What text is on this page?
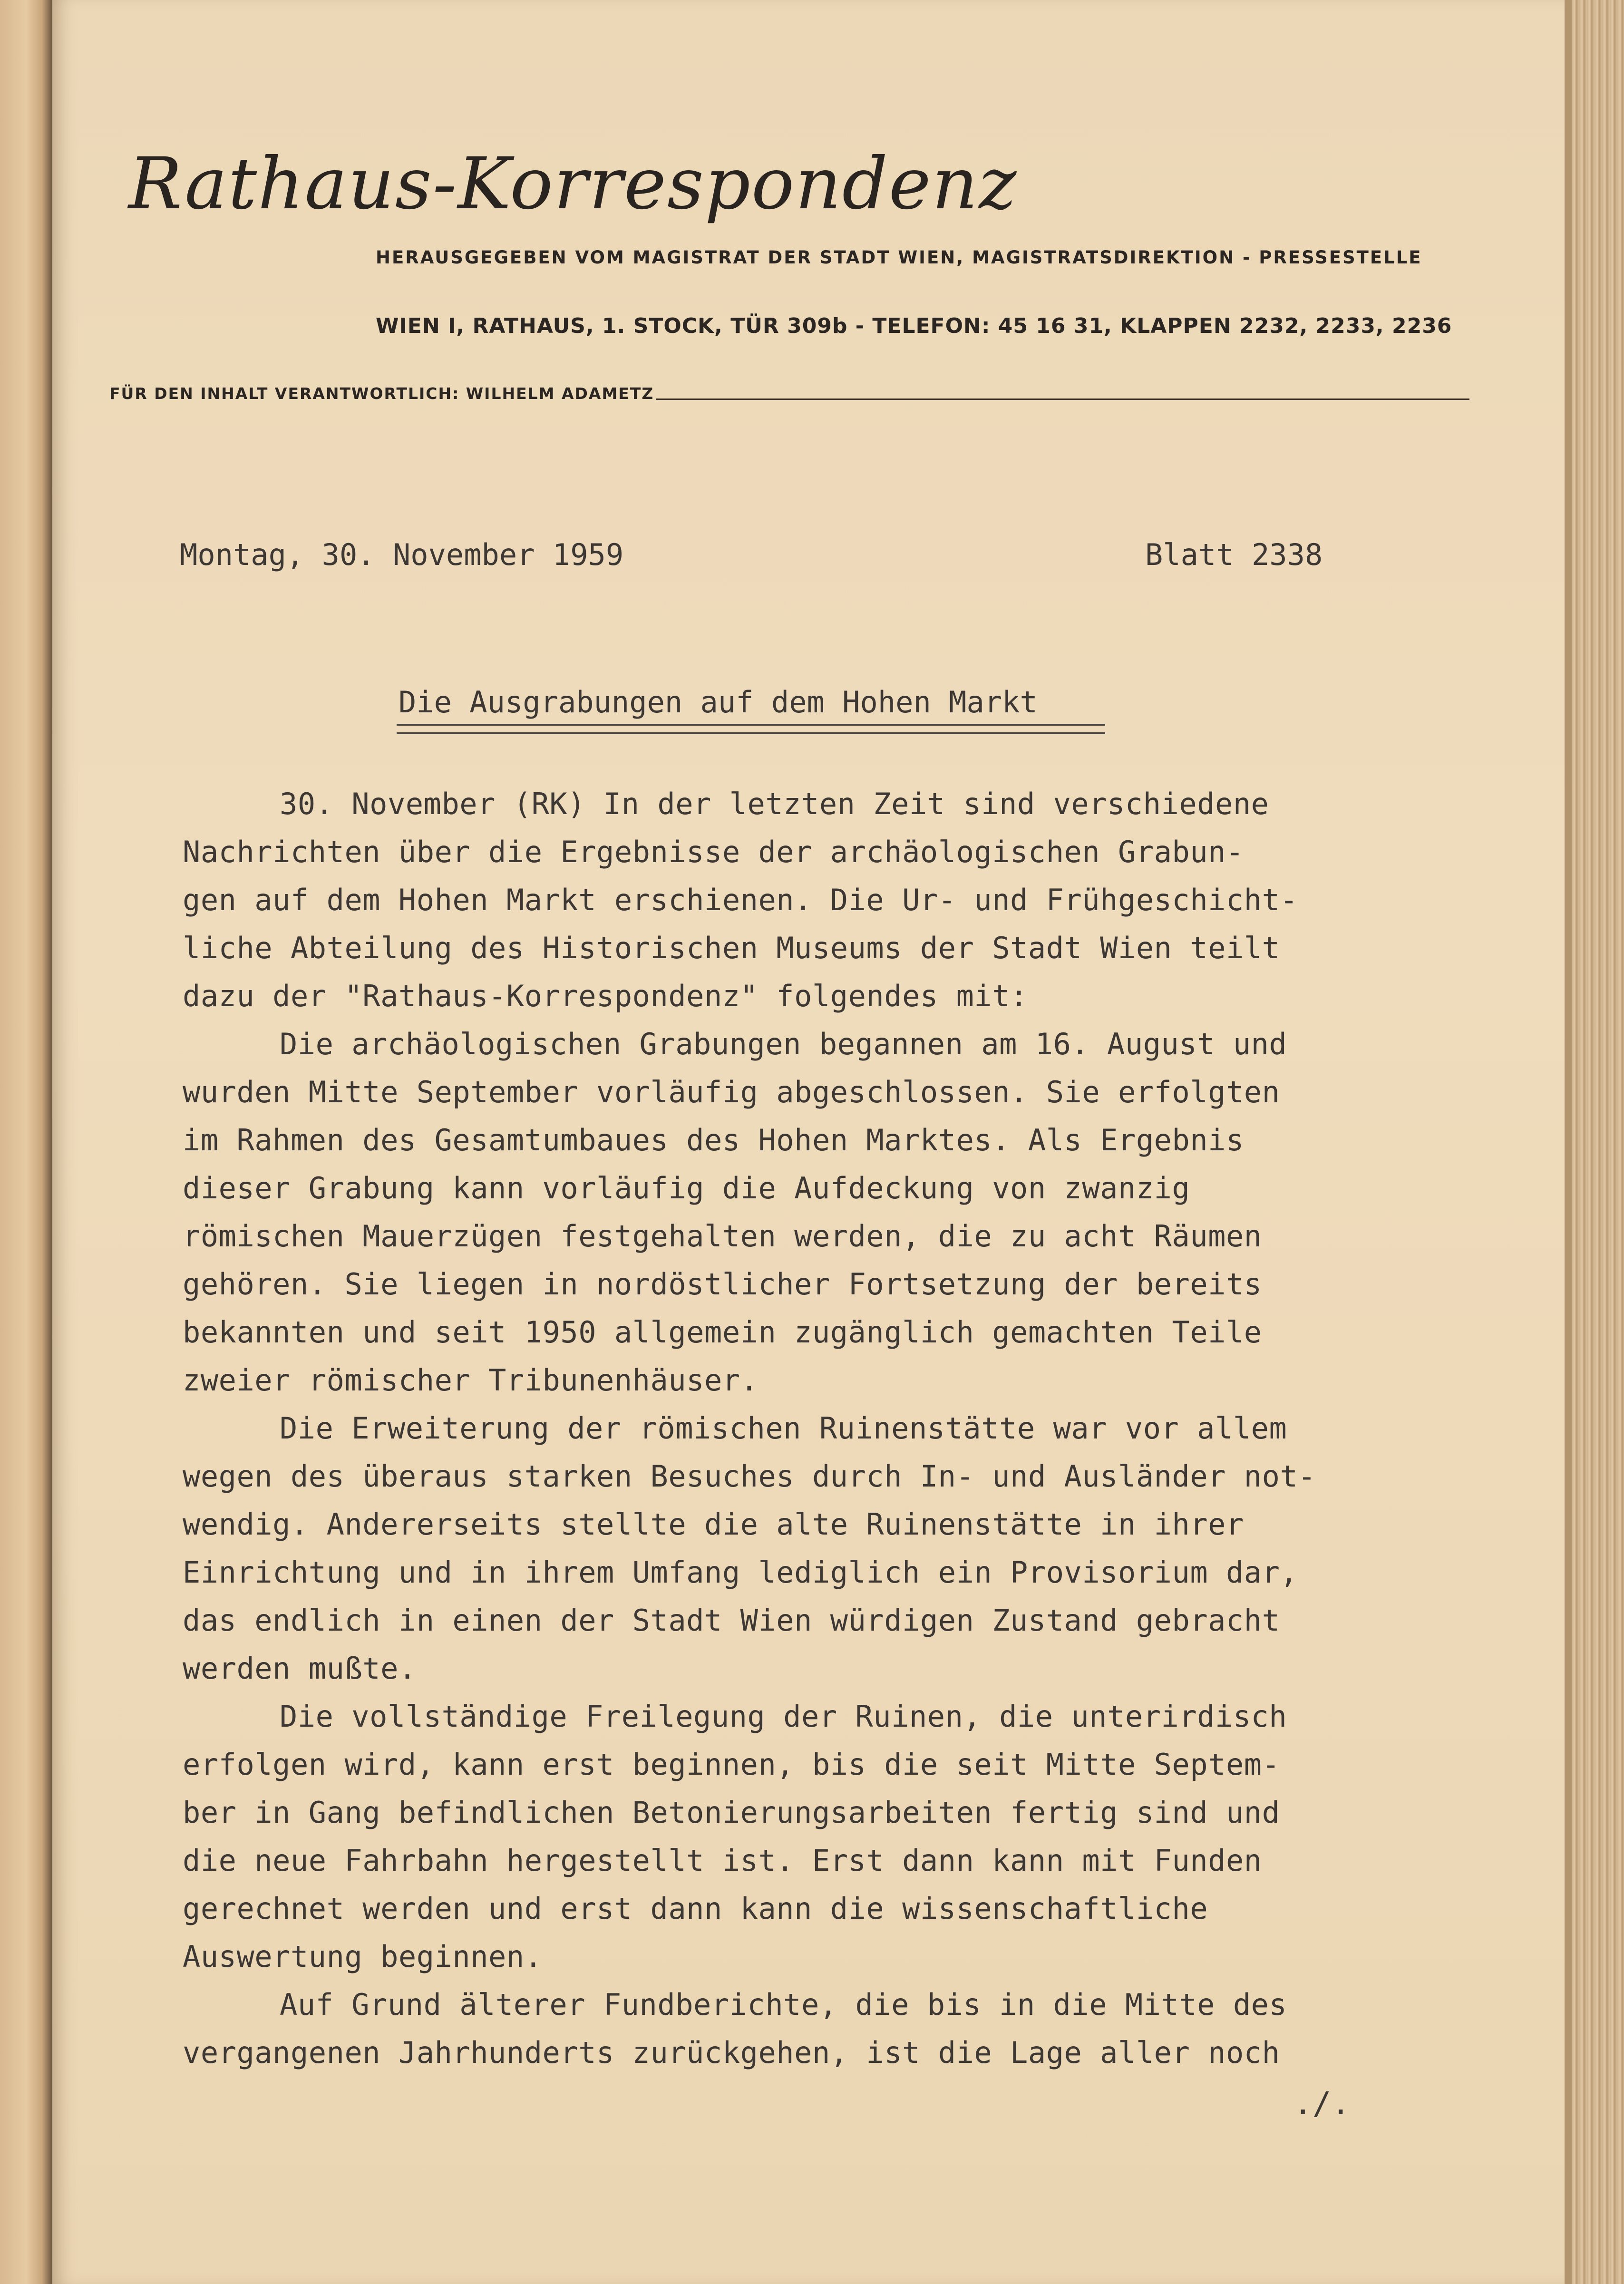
Rathaus-Korrespondenz
HERAUSGEGEBEN VOM MAGISTRAT DER STADT WIEN, MAGISTRATSDIREKTION - PRESSESTELLE
WIEN I, RATHAUS, 1. STOCK, TÜR 309b - TELEFON: 45 16 31, KLAPPEN 2232, 2233, 2236
FÜR DEN INHALT VERANTWORTLICH: WILHELM ADAMETZ
Montag, 30. November 1959	Blatt 2338
Die Ausgrabungen auf dem Hohen Markt
30. November (RK) In der letzten Zeit sind verschiedene
Nachrichten über die Ergebnisse der archäologischen Grabun-
gen auf dem Hohen Markt erschienen. Die Ur- und Frühgeschicht-
liche Abteilung des Historischen Museums der Stadt Wien teilt
dazu der "Rathaus-Korrespondenz" folgendes mit:
Die archäologischen Grabungen begannen am 16. August und
wurden Mitte September vorläufig abgeschlossen. Sie erfolgten
im Rahmen des Gesamtumbaues des Hohen Marktes. Als Ergebnis
dieser Grabung kann vorläufig die Aufdeckung von zwanzig
römischen Mauerzügen festgehalten werden, die zu acht Räumen
gehören. Sie liegen in nordöstlicher Fortsetzung der bereits
bekannten und seit 1950 allgemein zugänglich gemachten Teile
zweier römischer Tribunenhäuser.
Die Erweiterung der römischen Ruinenstätte war vor allem
wegen des überaus starken Besuches durch In- und Ausländer not-
wendig. Andererseits stellte die alte Ruinenstätte in ihrer
Einrichtung und in ihrem Umfang lediglich ein Provisorium dar,
das endlich in einen der Stadt Wien würdigen Zustand gebracht
werden mußte.
Die vollständige Freilegung der Ruinen, die unterirdisch
erfolgen wird, kann erst beginnen, bis die seit Mitte Septem-
ber in Gang befindlichen Betonierungsarbeiten fertig sind und
die neue Fahrbahn hergestellt ist. Erst dann kann mit Funden
gerechnet werden und erst dann kann die wissenschaftliche
Auswertung beginnen.
Auf Grund älterer Fundberichte, die bis in die Mitte des
vergangenen Jahrhunderts zurückgehen, ist die Lage aller noch
./.
